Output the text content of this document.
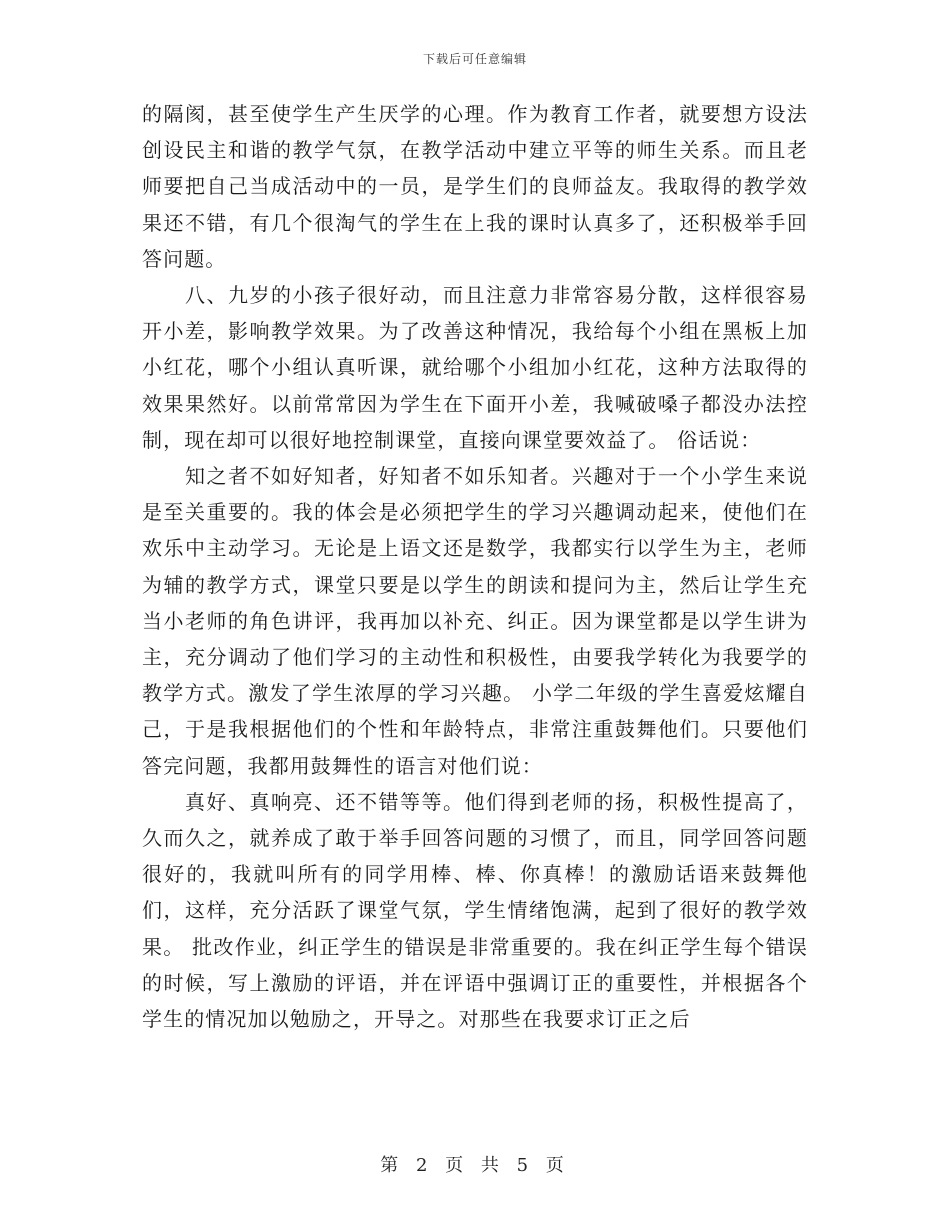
下载后可任意编辑

的隔阂，甚至使学生产生厌学的心理。作为教育工作者，就要想方设法创设民主和谐的教学气氛，在教学活动中建立平等的师生关系。而且老师要把自己当成活动中的一员，是学生们的良师益友。我取得的教学效果还不错，有几个很淘气的学生在上我的课时认真多了，还积极举手回答问题。

八、九岁的小孩子很好动，而且注意力非常容易分散，这样很容易开小差，影响教学效果。为了改善这种情况，我给每个小组在黑板上加小红花，哪个小组认真听课，就给哪个小组加小红花，这种方法取得的效果果然好。以前常常因为学生在下面开小差，我喊破嗓子都没办法控制，现在却可以很好地控制课堂，直接向课堂要效益了。 俗话说：

知之者不如好知者，好知者不如乐知者。兴趣对于一个小学生来说是至关重要的。我的体会是必须把学生的学习兴趣调动起来，使他们在欢乐中主动学习。无论是上语文还是数学，我都实行以学生为主，老师为辅的教学方式，课堂只要是以学生的朗读和提问为主，然后让学生充当小老师的角色讲评，我再加以补充、纠正。因为课堂都是以学生讲为主，充分调动了他们学习的主动性和积极性，由要我学转化为我要学的教学方式。激发了学生浓厚的学习兴趣。 小学二年级的学生喜爱炫耀自己，于是我根据他们的个性和年龄特点，非常注重鼓舞他们。只要他们答完问题，我都用鼓舞性的语言对他们说：

真好、真响亮、还不错等等。他们得到老师的扬，积极性提高了，久而久之，就养成了敢于举手回答问题的习惯了，而且，同学回答问题很好的，我就叫所有的同学用棒、棒、你真棒！的激励话语来鼓舞他们，这样，充分活跃了课堂气氛，学生情绪饱满，起到了很好的教学效果。 批改作业，纠正学生的错误是非常重要的。我在纠正学生每个错误的时候，写上激励的评语，并在评语中强调订正的重要性，并根据各个学生的情况加以勉励之，开导之。对那些在我要求订正之后

第 2 页 共 5 页
